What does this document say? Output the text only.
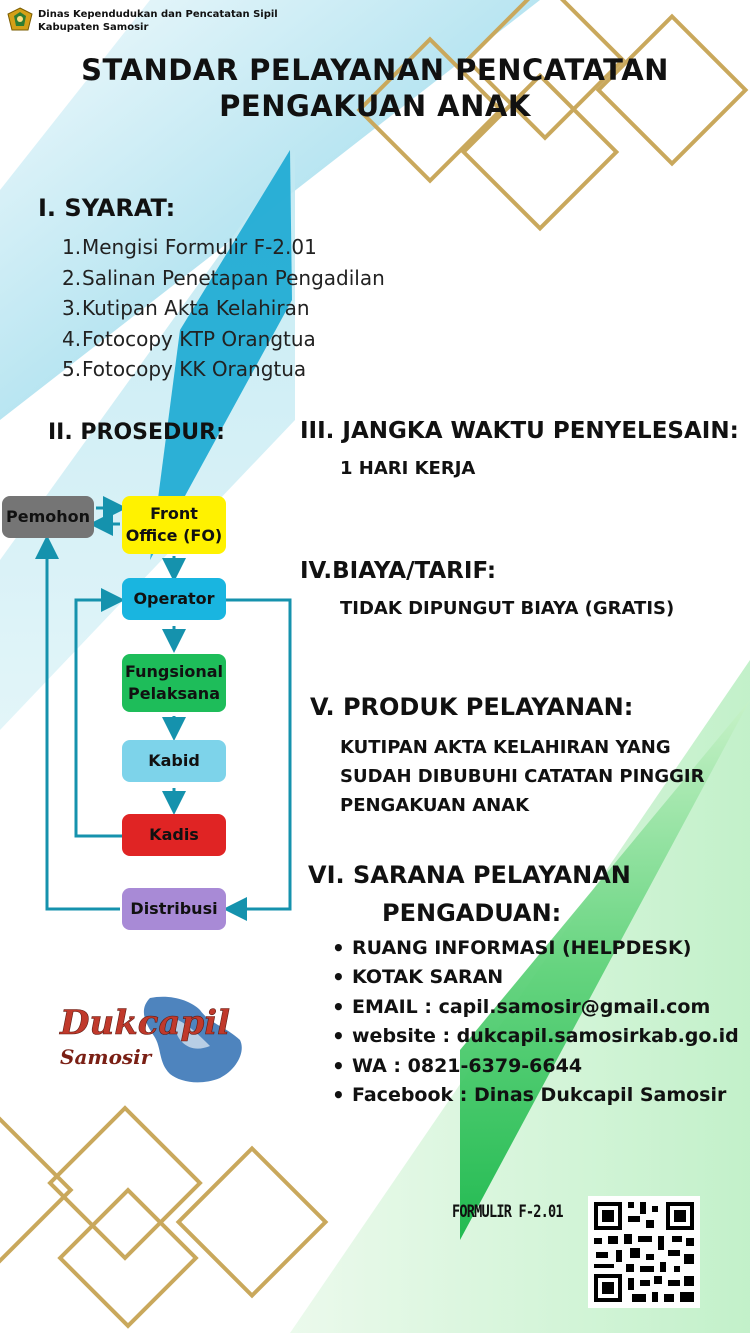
Dinas Kependudukan dan Pencatatan Sipil
Kabupaten Samosir
STANDAR PELAYANAN PENCATATAN
PENGAKUAN ANAK
I. SYARAT:
1.Mengisi Formulir F-2.01
2.Salinan Penetapan Pengadilan
3.Kutipan Akta Kelahiran
4.Fotocopy KTP Orangtua
5.Fotocopy KK Orangtua
II. PROSEDUR:
Pemohon	Front
Office (FO)
Operator
Fungsional
Pelaksana
Kabid
Kadis
Distribusi
III. JANGKA WAKTU PENYELESAIN:
1 HARI KERJA
IV.BIAYA/TARIF:
TIDAK DIPUNGUT BIAYA (GRATIS)
V. PRODUK PELAYANAN:
KUTIPAN AKTA KELAHIRAN YANG
SUDAH DIBUBUHI CATATAN PINGGIR
PENGAKUAN ANAK
VI. SARANA PELAYANAN
PENGADUAN:
• RUANG INFORMASI (HELPDESK)
• KOTAK SARAN
• EMAIL : capil.samosir@gmail.com
• website : dukcapil.samosirkab.go.id
• WA : 0821-6379-6644
• Facebook : Dinas Dukcapil Samosir
Dukcapil
Samosir
FORMULIR F-2.01
